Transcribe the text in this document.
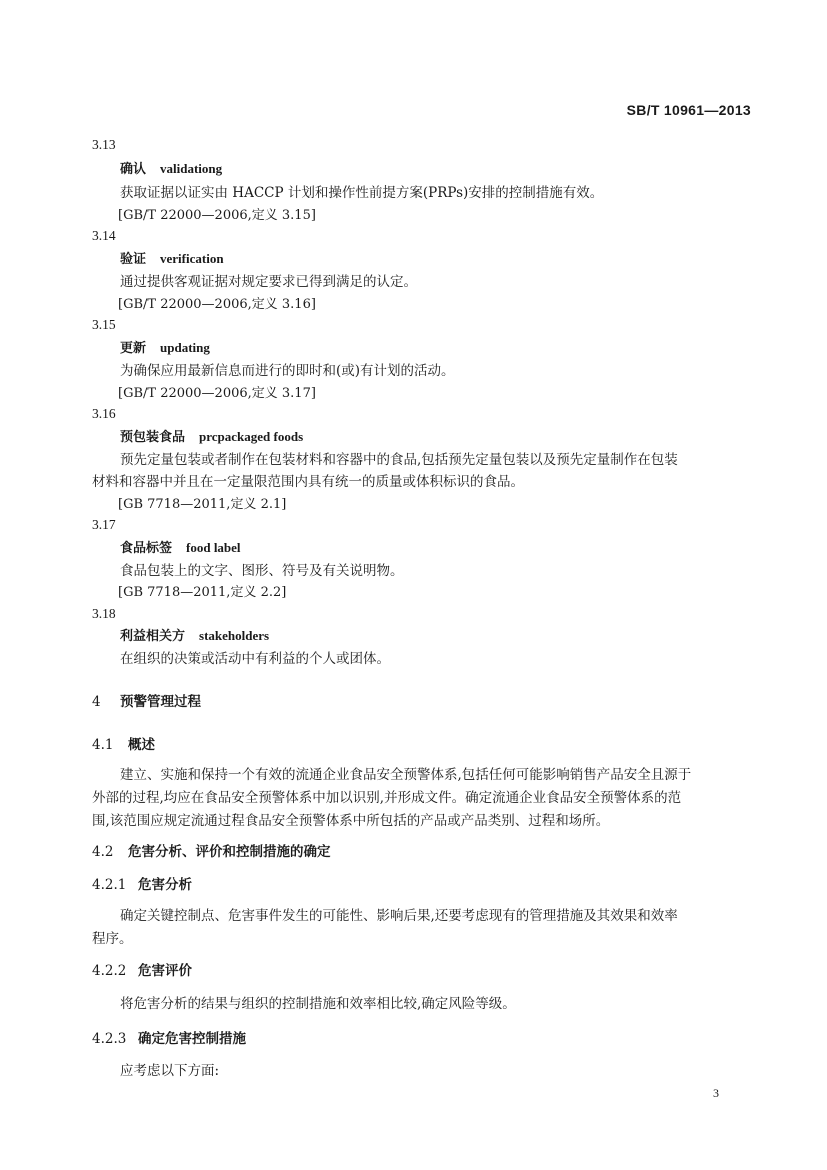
SB/T 10961—2013
3.13
确认 validationg
获取证据以证实由 HACCP 计划和操作性前提方案(PRPs)安排的控制措施有效。
[GB/T 22000—2006,定义 3.15]
3.14
验证 verification
通过提供客观证据对规定要求已得到满足的认定。
[GB/T 22000—2006,定义 3.16]
3.15
更新 updating
为确保应用最新信息而进行的即时和(或)有计划的活动。
[GB/T 22000—2006,定义 3.17]
3.16
预包装食品 prcpackaged foods
预先定量包装或者制作在包装材料和容器中的食品,包括预先定量包装以及预先定量制作在包装
材料和容器中并且在一定量限范围内具有统一的质量或体积标识的食品。
[GB 7718—2011,定义 2.1]
3.17
食品标签 food label
食品包装上的文字、图形、符号及有关说明物。
[GB 7718—2011,定义 2.2]
3.18
利益相关方 stakeholders
在组织的决策或活动中有利益的个人或团体。
4 预警管理过程
4.1 概述
建立、实施和保持一个有效的流通企业食品安全预警体系,包括任何可能影响销售产品安全且源于
外部的过程,均应在食品安全预警体系中加以识别,并形成文件。确定流通企业食品安全预警体系的范
围,该范围应规定流通过程食品安全预警体系中所包括的产品或产品类别、过程和场所。
4.2 危害分析、评价和控制措施的确定
4.2.1 危害分析
确定关键控制点、危害事件发生的可能性、影响后果,还要考虑现有的管理措施及其效果和效率
程序。
4.2.2 危害评价
将危害分析的结果与组织的控制措施和效率相比较,确定风险等级。
4.2.3 确定危害控制措施
应考虑以下方面:
3
